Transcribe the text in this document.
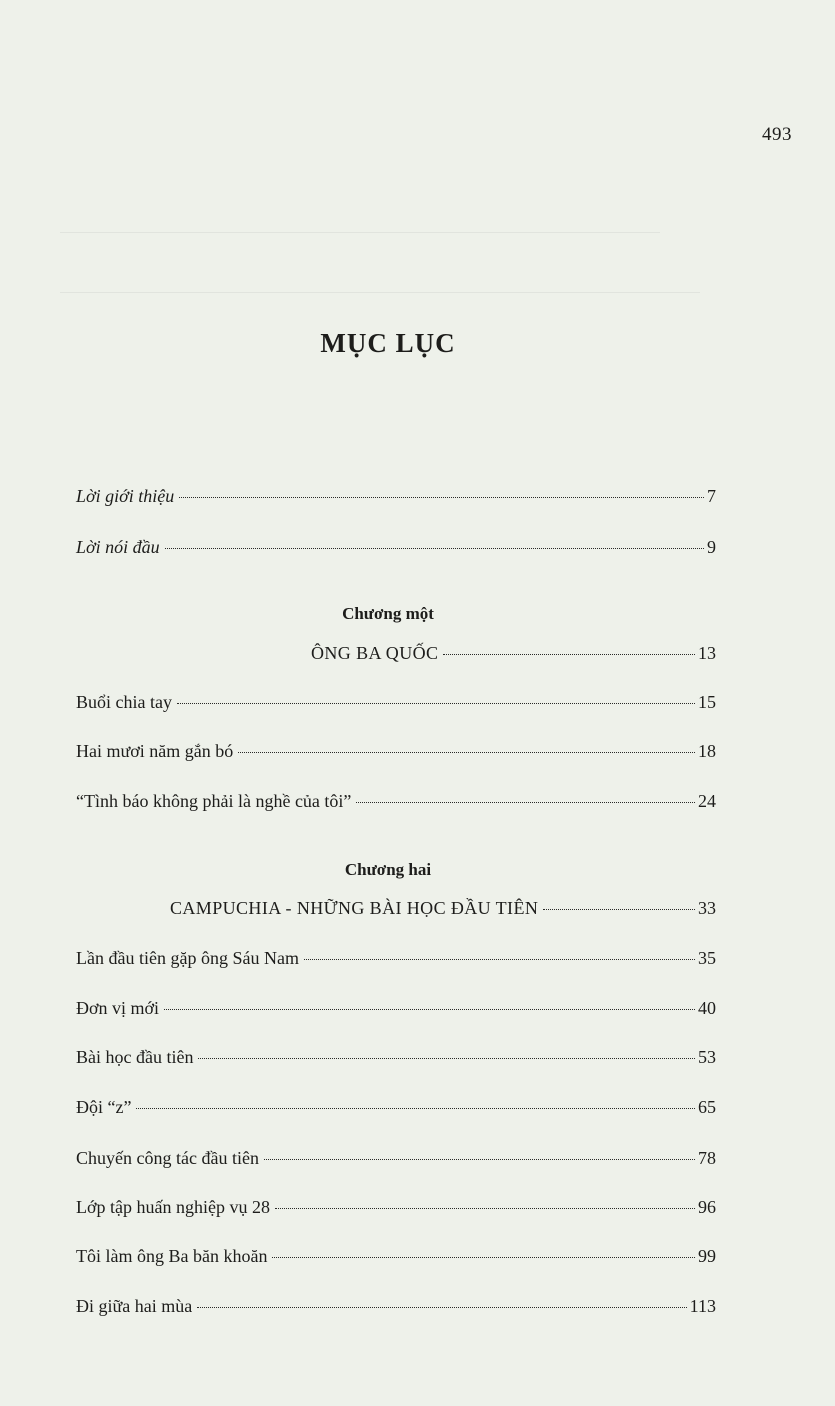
493
MỤC LỤC
Lời giới thiệu	7
Lời nói đầu	9
Chương một
ÔNG BA QUỐC	13
Buổi chia tay	15
Hai mươi năm gắn bó	18
“Tình báo không phải là nghề của tôi”	24
Chương hai
CAMPUCHIA - NHỮNG BÀI HỌC ĐẦU TIÊN	33
Lần đầu tiên gặp ông Sáu Nam	35
Đơn vị mới	40
Bài học đầu tiên	53
Đội “z”	65
Chuyến công tác đầu tiên	78
Lớp tập huấn nghiệp vụ 28	96
Tôi làm ông Ba băn khoăn	99
Đi giữa hai mùa	113
